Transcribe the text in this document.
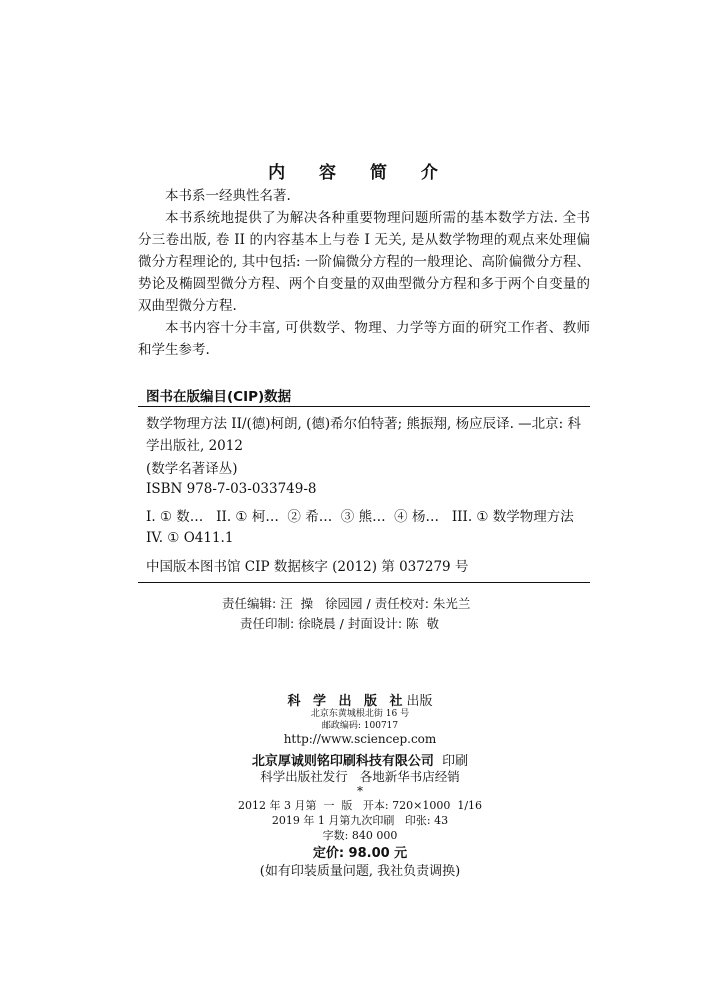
内 容 简 介

本书系一经典性名著.

本书系统地提供了为解决各种重要物理问题所需的基本数学方法. 全书分三卷出版, 卷 II 的内容基本上与卷 I 无关, 是从数学物理的观点来处理偏微分方程理论的, 其中包括: 一阶偏微分方程的一般理论、高阶偏微分方程、势论及椭圆型微分方程、两个自变量的双曲型微分方程和多于两个自变量的双曲型微分方程.

本书内容十分丰富, 可供数学、物理、力学等方面的研究工作者、教师和学生参考.

图书在版编目(CIP)数据
数学物理方法 II/(德)柯朗, (德)希尔伯特著; 熊振翔, 杨应辰译. —北京: 科学出版社, 2012
(数学名著译丛)
ISBN 978-7-03-033749-8
I. ① 数…   II. ① 柯…  ② 希…  ③ 熊…  ④ 杨…   III. ① 数学物理方法
IV. ① O411.1
中国版本图书馆 CIP 数据核字 (2012) 第 037279 号
责任编辑: 汪  操   徐园园 / 责任校对: 朱光兰
责任印制: 徐晓晨 / 封面设计: 陈  敬
科 学 出 版 社出版
北京东黄城根北街 16 号
邮政编码: 100717
http://www.sciencep.com
北京厚诚则铭印刷科技有限公司  印刷
科学出版社发行   各地新华书店经销
*
2012 年 3 月第  一  版   开本: 720×1000  1/16
2019 年 1 月第九次印刷   印张: 43
字数: 840 000
定价: 98.00 元
(如有印装质量问题, 我社负责调换)
